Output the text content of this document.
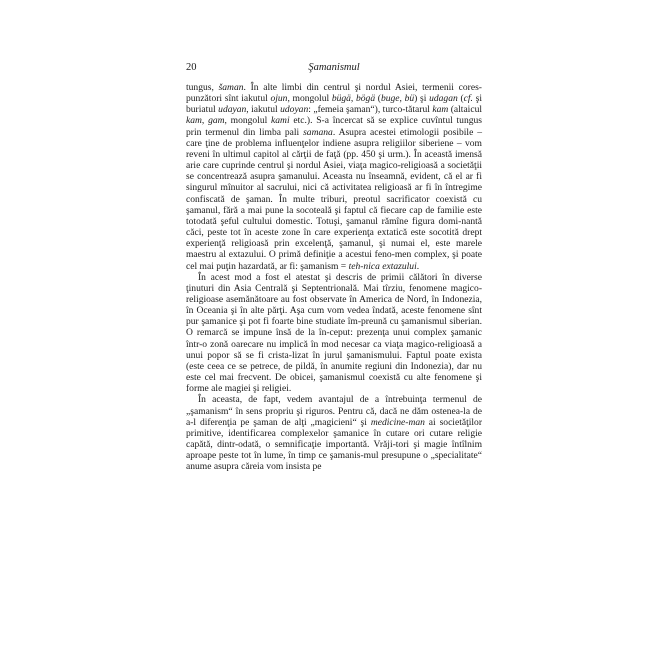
20	Şamanismul

tungus, šaman. În alte limbi din centrul şi nordul Asiei, termenii cores-punzători sînt iakutul ojun, mongolul bügä, bögä (buge, bü) şi udagan (cf. şi buriatul udayan, iakutul udoyan: „femeia şaman“), turco-tătarul kam (altaicul kam, gam, mongolul kami etc.). S-a încercat să se explice cuvîntul tungus prin termenul din limba pali samana. Asupra acestei etimologii posibile – care ţine de problema influenţelor indiene asupra religiilor siberiene – vom reveni în ultimul capitol al cărţii de faţă (pp. 450 şi urm.). În această imensă arie care cuprinde centrul şi nordul Asiei, viaţa magico-religioasă a societăţii se concentrează asupra şamanului. Aceasta nu înseamnă, evident, că el ar fi singurul mînuitor al sacrului, nici că activitatea religioasă ar fi în întregime confiscată de şaman. În multe triburi, preotul sacrificator coexistă cu şamanul, fără a mai pune la socoteală şi faptul că fiecare cap de familie este totodată şeful cultului domestic. Totuşi, şamanul rămîne figura domi-nantă căci, peste tot în aceste zone în care experienţa extatică este socotită drept experienţă religioasă prin excelenţă, şamanul, şi numai el, este marele maestru al extazului. O primă definiţie a acestui feno-men complex, şi poate cel mai puţin hazardată, ar fi: şamanism = teh-nica extazului.

În acest mod a fost el atestat şi descris de primii călători în diverse ţinuturi din Asia Centrală şi Septentrională. Mai tîrziu, fenomene magico-religioase asemănătoare au fost observate în America de Nord, în Indonezia, în Oceania şi în alte părţi. Aşa cum vom vedea îndată, aceste fenomene sînt pur şamanice şi pot fi foarte bine studiate îm-preună cu şamanismul siberian. O remarcă se impune însă de la în-ceput: prezenţa unui complex şamanic într-o zonă oarecare nu implică în mod necesar ca viaţa magico-religioasă a unui popor să se fi crista-lizat în jurul şamanismului. Faptul poate exista (este ceea ce se petrece, de pildă, în anumite regiuni din Indonezia), dar nu este cel mai frecvent. De obicei, şamanismul coexistă cu alte fenomene şi forme ale magiei şi religiei.

În aceasta, de fapt, vedem avantajul de a întrebuinţa termenul de „şamanism“ în sens propriu şi riguros. Pentru că, dacă ne dăm ostenea-la de a-l diferenţia pe şaman de alţi „magicieni“ şi medicine-man ai societăţilor primitive, identificarea complexelor şamanice în cutare ori cutare religie capătă, dintr-odată, o semnificaţie importantă. Vrăji-tori şi magie întîlnim aproape peste tot în lume, în timp ce şamanis-mul presupune o „specialitate“ anume asupra căreia vom insista pe
